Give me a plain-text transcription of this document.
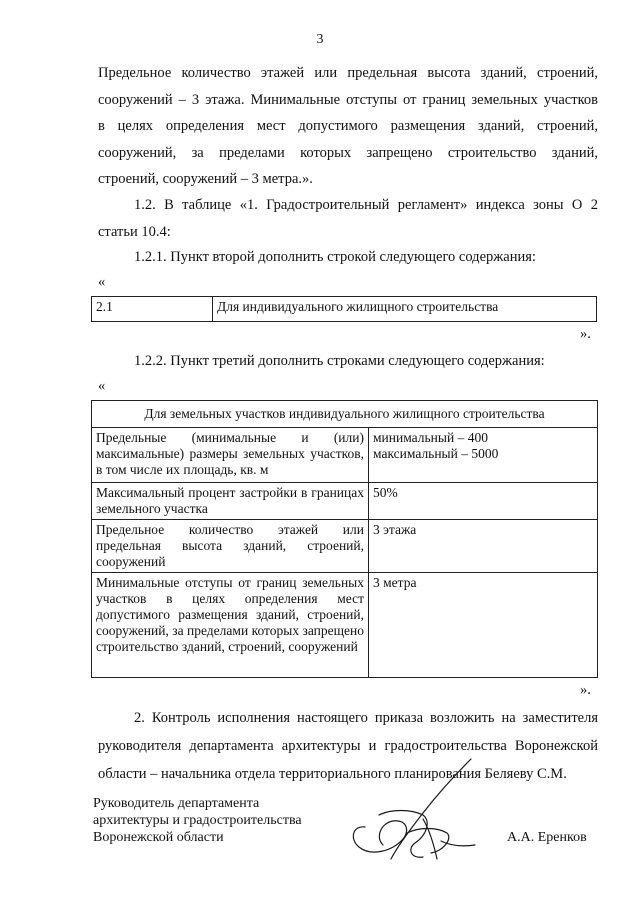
3
Предельное количество этажей или предельная высота зданий, строений,
сооружений – 3 этажа. Минимальные отступы от границ земельных участков
в целях определения мест допустимого размещения зданий, строений,
сооружений, за пределами которых запрещено строительство зданий,
строений, сооружений – 3 метра.».
1.2. В таблице «1. Градостроительный регламент» индекса зоны О 2
статьи 10.4:
1.2.1. Пункт второй дополнить строкой следующего содержания:
«
2.1	Для индивидуального жилищного строительства
».
1.2.2. Пункт третий дополнить строками следующего содержания:
«
Для земельных участков индивидуального жилищного строительства	
Предельные (минимальные и (или) максимальные) размеры земельных участков, в том числе их площадь, кв. м	минимальный – 400
максимальный – 5000
Максимальный процент застройки в границах земельного участка	50%
Предельное количество этажей или предельная высота зданий, строений, сооружений	3 этажа
Минимальные отступы от границ земельных участков в целях определения мест допустимого размещения зданий, строений, сооружений, за пределами которых запрещено строительство зданий, строений, сооружений	3 метра
».
2. Контроль исполнения настоящего приказа возложить на заместителя
руководителя департамента архитектуры и градостроительства Воронежской
области – начальника отдела территориального планирования Беляеву С.М.
Руководитель департамента
архитектуры и градостроительства
Воронежской области	А.А. Еренков
